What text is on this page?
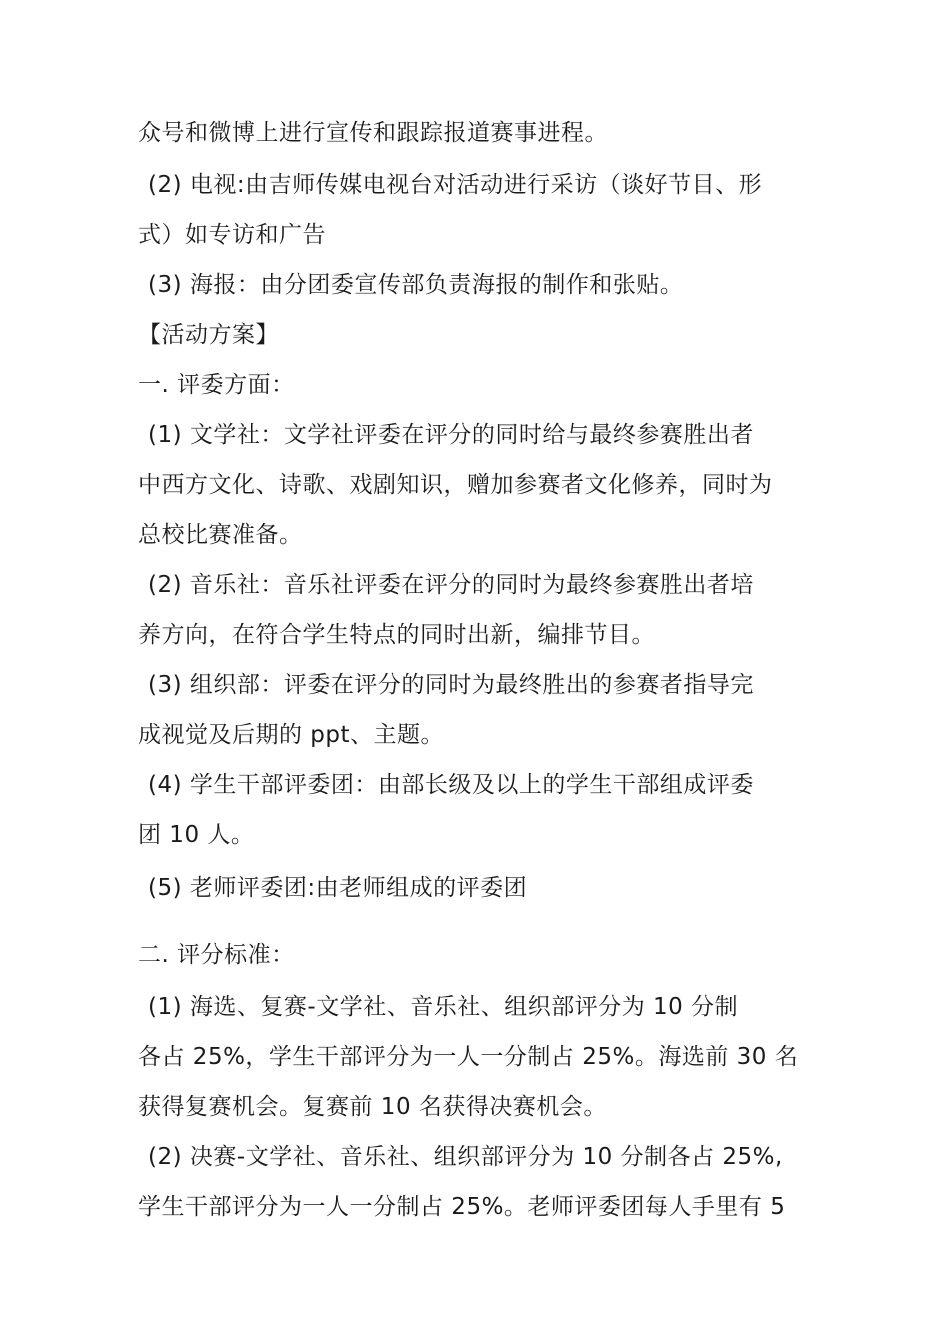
众号和微博上进行宣传和跟踪报道赛事进程。
(2) 电视:由吉师传媒电视台对活动进行采访（谈好节目、形
式）如专访和广告
(3) 海报：由分团委宣传部负责海报的制作和张贴。
【活动方案】
一. 评委方面：
(1) 文学社：文学社评委在评分的同时给与最终参赛胜出者
中西方文化、诗歌、戏剧知识，赠加参赛者文化修养，同时为
总校比赛准备。
(2) 音乐社：音乐社评委在评分的同时为最终参赛胜出者培
养方向，在符合学生特点的同时出新，编排节目。
(3) 组织部：评委在评分的同时为最终胜出的参赛者指导完
成视觉及后期的 ppt、主题。
(4) 学生干部评委团：由部长级及以上的学生干部组成评委
团 10 人。
(5) 老师评委团:由老师组成的评委团
二. 评分标准：
(1) 海选、复赛-文学社、音乐社、组织部评分为 10 分制
各占 25%，学生干部评分为一人一分制占 25%。海选前 30 名
获得复赛机会。复赛前 10 名获得决赛机会。
(2) 决赛-文学社、音乐社、组织部评分为 10 分制各占 25%,
学生干部评分为一人一分制占 25%。老师评委团每人手里有 5
